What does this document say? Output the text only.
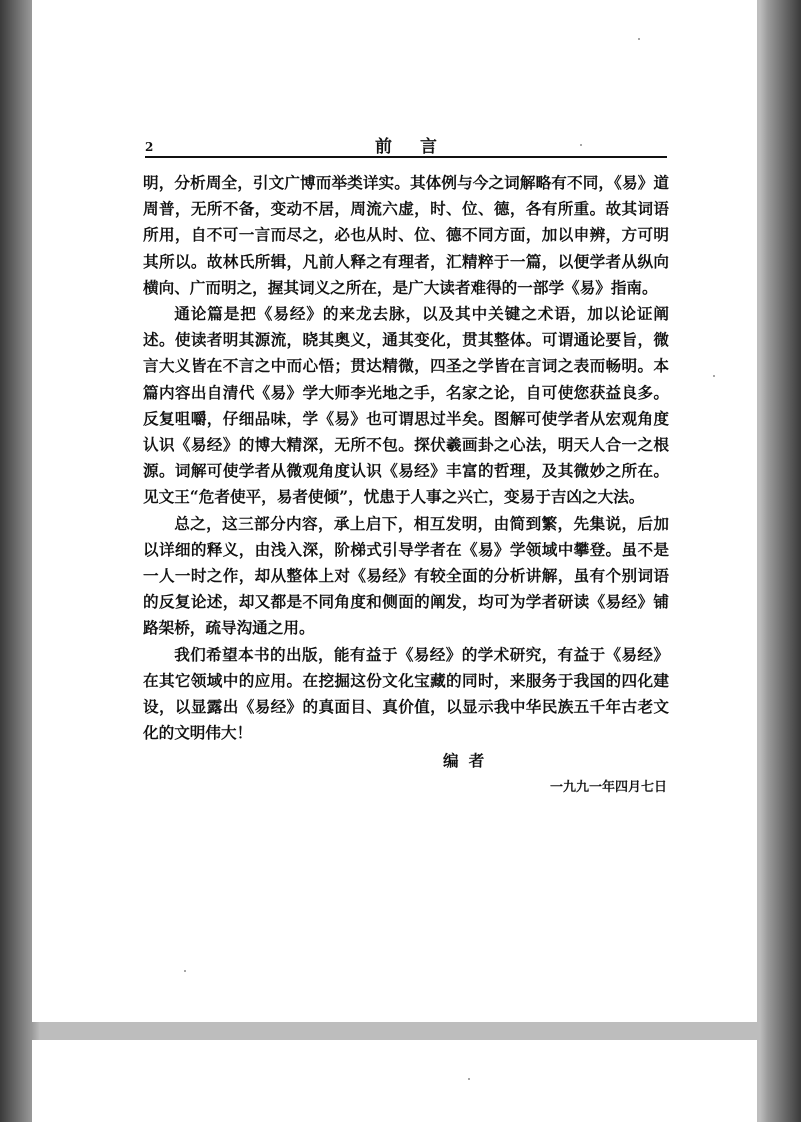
2	前言

明，分析周全，引文广博而举类详实。其体例与今之词解略有不同，《易》道周普，无所不备，变动不居，周流六虚，时、位、德，各有所重。故其词语所用，自不可一言而尽之，必也从时、位、德不同方面，加以申辨，方可明其所以。故林氏所辑，凡前人释之有理者，汇精粹于一篇，以便学者从纵向横向、广而明之，握其词义之所在，是广大读者难得的一部学《易》指南。

通论篇是把《易经》的来龙去脉，以及其中关键之术语，加以论证阐述。使读者明其源流，晓其奥义，通其变化，贯其整体。可谓通论要旨，微言大义皆在不言之中而心悟；贯达精微，四圣之学皆在言词之表而畅明。本篇内容出自清代《易》学大师李光地之手，名家之论，自可使您获益良多。反复咀嚼，仔细品味，学《易》也可谓思过半矣。图解可使学者从宏观角度认识《易经》的博大精深，无所不包。探伏羲画卦之心法，明天人合一之根源。词解可使学者从微观角度认识《易经》丰富的哲理，及其微妙之所在。见文王“危者使平，易者使倾”，忧患于人事之兴亡，变易于吉凶之大法。

总之，这三部分内容，承上启下，相互发明，由简到繁，先集说，后加以详细的释义，由浅入深，阶梯式引导学者在《易》学领域中攀登。虽不是一人一时之作，却从整体上对《易经》有较全面的分析讲解，虽有个别词语的反复论述，却又都是不同角度和侧面的阐发，均可为学者研读《易经》铺路架桥，疏导沟通之用。

我们希望本书的出版，能有益于《易经》的学术研究，有益于《易经》在其它领域中的应用。在挖掘这份文化宝藏的同时，来服务于我国的四化建设，以显露出《易经》的真面目、真价值，以显示我中华民族五千年古老文化的文明伟大！

编者

一九九一年四月七日
